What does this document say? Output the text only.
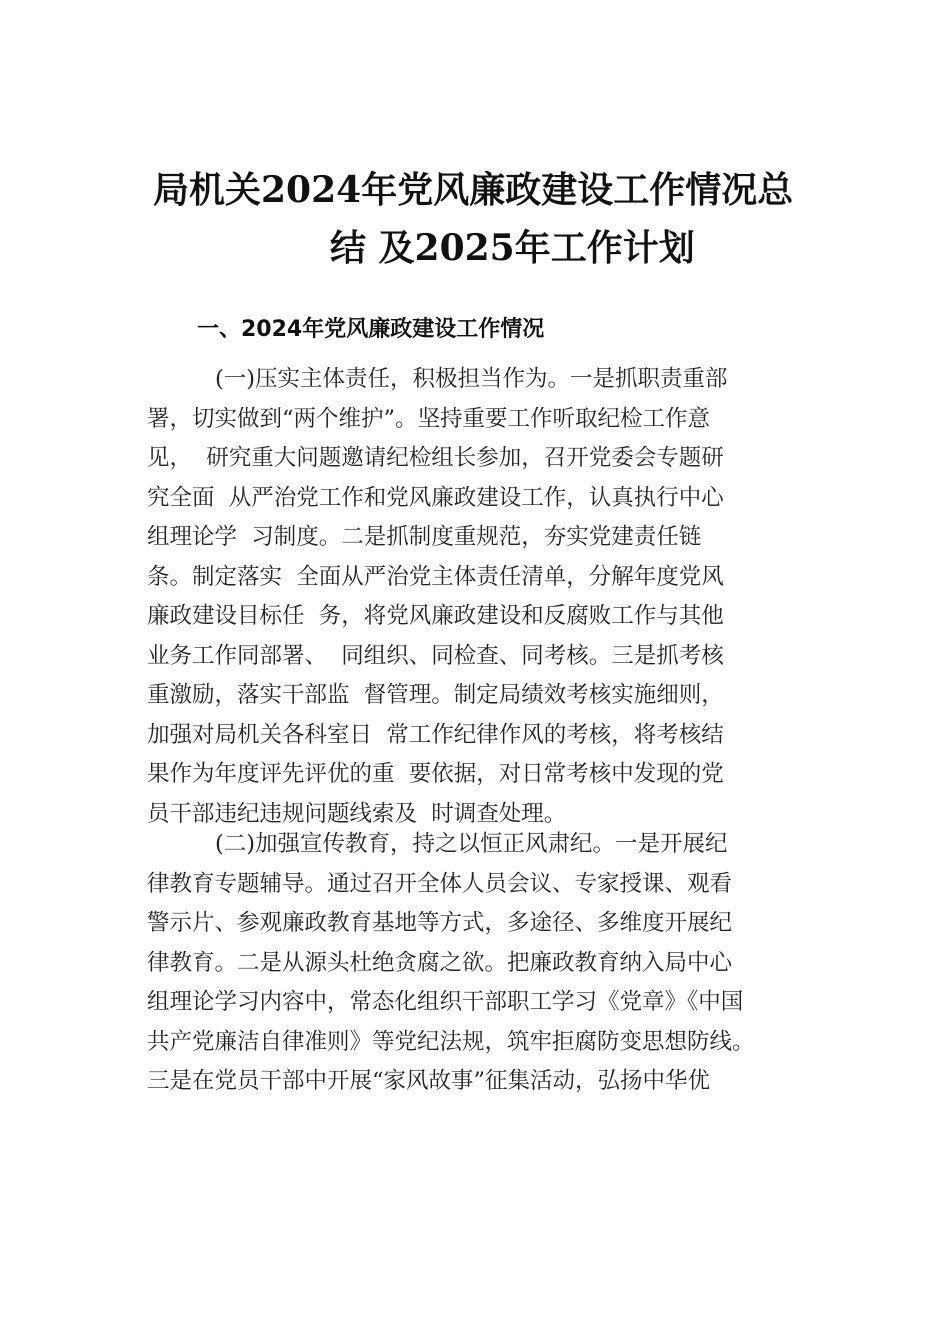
局机关2024年党风廉政建设工作情况总
结 及2025年工作计划
一、2024年党风廉政建设工作情况
(一)压实主体责任，积极担当作为。一是抓职责重部
署，切实做到“两个维护”。坚持重要工作听取纪检工作意
见，  研究重大问题邀请纪检组长参加，召开党委会专题研
究全面  从严治党工作和党风廉政建设工作，认真执行中心
组理论学  习制度。二是抓制度重规范，夯实党建责任链
条。制定落实  全面从严治党主体责任清单，分解年度党风
廉政建设目标任  务，将党风廉政建设和反腐败工作与其他
业务工作同部署、  同组织、同检查、同考核。三是抓考核
重激励，落实干部监  督管理。制定局绩效考核实施细则，
加强对局机关各科室日  常工作纪律作风的考核，将考核结
果作为年度评先评优的重  要依据，对日常考核中发现的党
员干部违纪违规问题线索及  时调查处理。
(二)加强宣传教育，持之以恒正风肃纪。一是开展纪
律教育专题辅导。通过召开全体人员会议、专家授课、观看
警示片、参观廉政教育基地等方式，多途径、多维度开展纪
律教育。二是从源头杜绝贪腐之欲。把廉政教育纳入局中心
组理论学习内容中，常态化组织干部职工学习《党章》《中国
共产党廉洁自律准则》等党纪法规，筑牢拒腐防变思想防线。
三是在党员干部中开展“家风故事”征集活动，弘扬中华优
